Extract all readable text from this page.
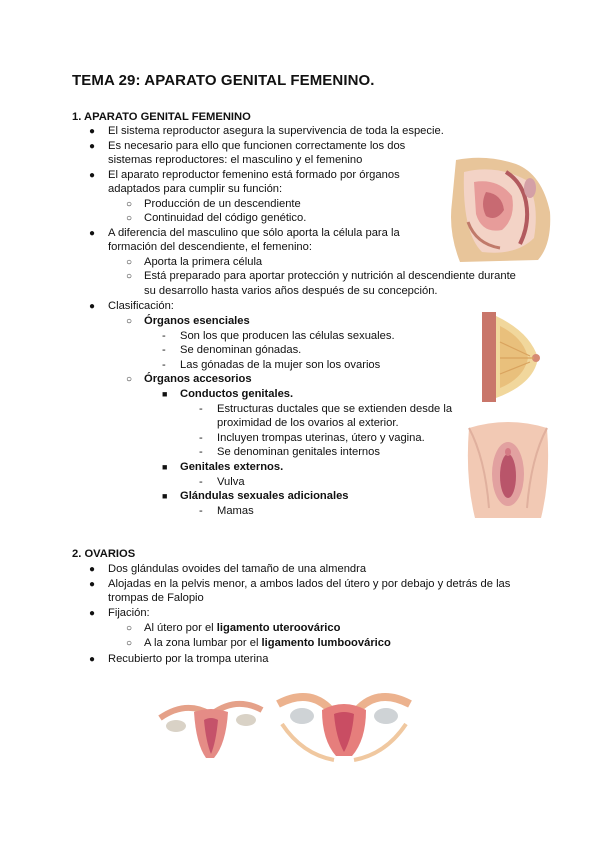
TEMA 29: APARATO GENITAL FEMENINO.
1. APARATO GENITAL FEMENINO
● El sistema reproductor asegura la supervivencia de toda la especie.
● Es necesario para ello que funcionen correctamente los dos
sistemas reproductores: el masculino y el femenino
● El aparato reproductor femenino está formado por órganos
adaptados para cumplir su función:
○ Producción de un descendiente
○ Continuidad del código genético.
● A diferencia del masculino que sólo aporta la célula para la
formación del descendiente, el femenino:
○ Aporta la primera célula
○ Está preparado para aportar protección y nutrición al descendiente durante
su desarrollo hasta varios años después de su concepción.
● Clasificación:
○ Órganos esenciales
- Son los que producen las células sexuales.
- Se denominan gónadas.
- Las gónadas de la mujer son los ovarios
○ Órganos accesorios
■ Conductos genitales.
- Estructuras ductales que se extienden desde la
proximidad de los ovarios al exterior.
- Incluyen trompas uterinas, útero y vagina.
- Se denominan genitales internos
■ Genitales externos.
- Vulva
■ Glándulas sexuales adicionales
- Mamas
2. OVARIOS
● Dos glándulas ovoides del tamaño de una almendra
● Alojadas en la pelvis menor, a ambos lados del útero y por debajo y detrás de las
trompas de Falopio
● Fijación:
○ Al útero por el ligamento uteroovárico
○ A la zona lumbar por el ligamento lumboovárico
● Recubierto por la trompa uterina
